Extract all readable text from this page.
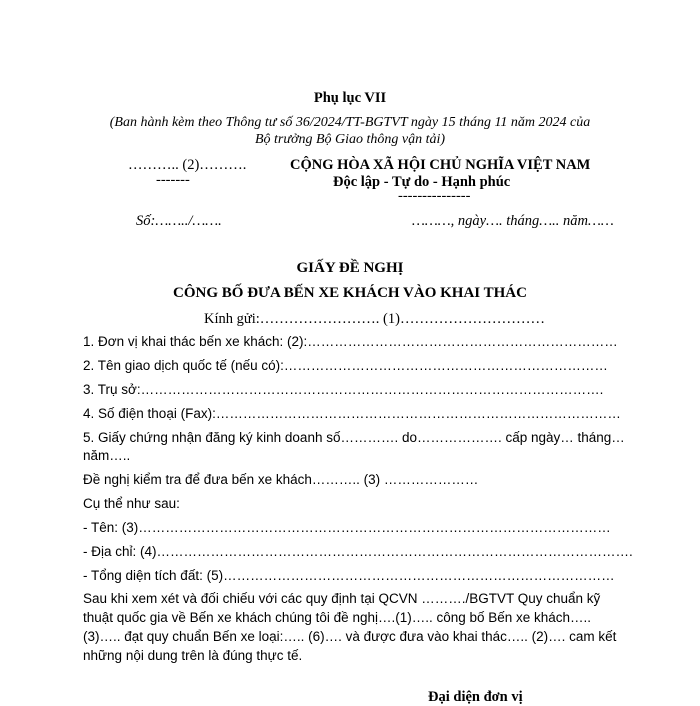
Phụ lục VII
(Ban hành kèm theo Thông tư số 36/2024/TT-BGTVT ngày 15 tháng 11 năm 2024 của
Bộ trưởng Bộ Giao thông vận tải)
……….. (2)……….
-------
Số:……../…….
CỘNG HÒA XÃ HỘI CHỦ NGHĨA VIỆT NAM
Độc lập - Tự do - Hạnh phúc
---------------
………, ngày…. tháng….. năm……
GIẤY ĐỀ NGHỊ
CÔNG BỐ ĐƯA BẾN XE KHÁCH VÀO KHAI THÁC
Kính gửi:……………………. (1)…………………………
1. Đơn vị khai thác bến xe khách: (2):……………………………………………………………
2. Tên giao dịch quốc tế (nếu có):………………………………………………………………
3. Trụ sở:………………………………………………………………………………………….
4. Số điện thoại (Fax):………………………………………………………………………………
5. Giấy chứng nhận đăng ký kinh doanh số…………. do………………. cấp ngày… tháng…
năm…..
Đề nghị kiểm tra để đưa bến xe khách……….. (3) …………………
Cụ thể như sau:
- Tên: (3)……………………………………………………………………………………………
- Địa chỉ: (4)…………………………………………………………………………………………….
- Tổng diện tích đất: (5)……………………………………………………………………………
Sau khi xem xét và đối chiếu với các quy định tại QCVN ………./BGTVT Quy chuẩn kỹ
thuật quốc gia về Bến xe khách chúng tôi đề nghị….(1)….. công bố Bến xe khách…..
(3)….. đạt quy chuẩn Bến xe loại:….. (6)…. và được đưa vào khai thác….. (2)…. cam kết
những nội dung trên là đúng thực tế.
Đại diện đơn vị
